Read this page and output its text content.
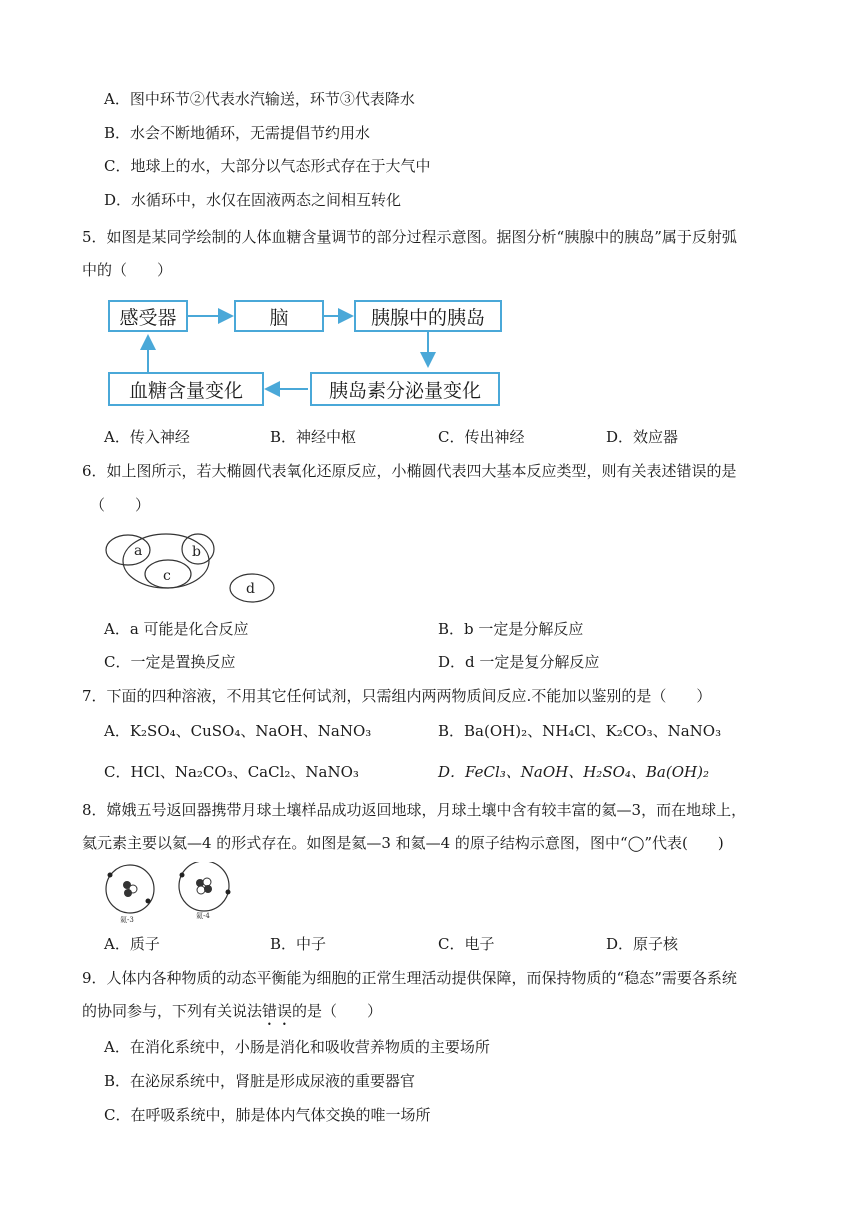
A．图中环节②代表水汽输送，环节③代表降水
B．水会不断地循环，无需提倡节约用水
C．地球上的水，大部分以气态形式存在于大气中
D．水循环中，水仅在固液两态之间相互转化
5．如图是某同学绘制的人体血糖含量调节的部分过程示意图。据图分析“胰腺中的胰岛”属于反射弧
中的（　　）
感受器	脑	胰腺中的胰岛
胰岛素分泌量变化
血糖含量变化
A．传入神经	B．神经中枢	C．传出神经	D．效应器
6．如上图所示，若大椭圆代表氧化还原反应，小椭圆代表四大基本反应类型，则有关表述错误的是
（　　）
a	b
c
d
A．a 可能是化合反应	B．b 一定是分解反应
C．一定是置换反应	D．d 一定是复分解反应
7．下面的四种溶液，不用其它任何试剂，只需组内两两物质间反应.不能加以鉴别的是（　　）
A．K₂SO₄、CuSO₄、NaOH、NaNO₃	B．Ba(OH)₂、NH₄Cl、K₂CO₃、NaNO₃
C．HCl、Na₂CO₃、CaCl₂、NaNO₃	D．FeCl₃、NaOH、H₂SO₄、Ba(OH)₂
8．嫦娥五号返回器携带月球土壤样品成功返回地球，月球土壤中含有较丰富的氦—3，而在地球上，
氦元素主要以氦—4 的形式存在。如图是氦—3 和氦—4 的原子结构示意图，图中“◯”代表(　　)
氦-3	氦-4
A．质子	B．中子	C．电子	D．原子核
9．人体内各种物质的动态平衡能为细胞的正常生理活动提供保障，而保持物质的“稳态”需要各系统
的协同参与，下列有关说法错误的是（　　）
A．在消化系统中，小肠是消化和吸收营养物质的主要场所
B．在泌尿系统中，肾脏是形成尿液的重要器官
C．在呼吸系统中，肺是体内气体交换的唯一场所
